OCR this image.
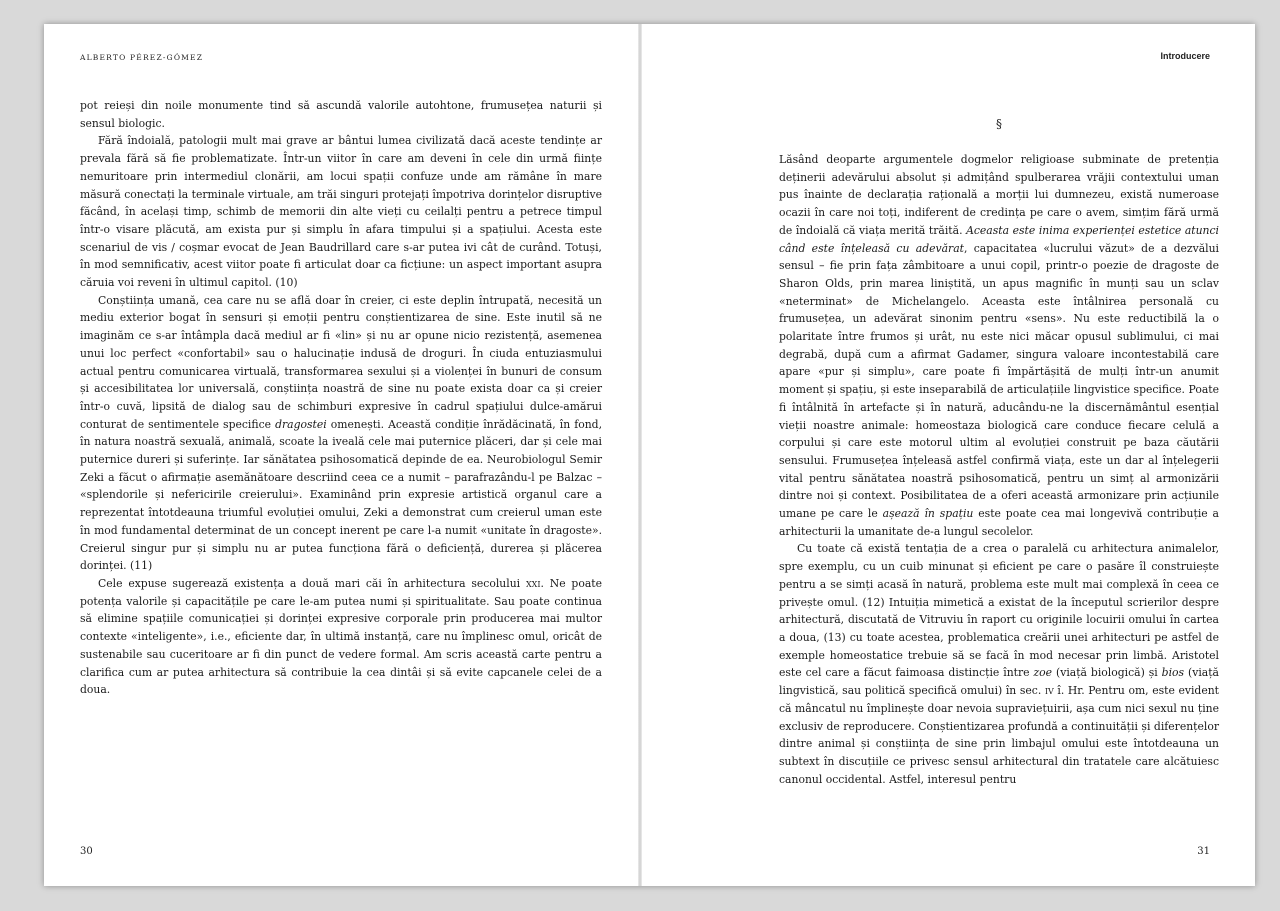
ALBERTO PÉREZ-GÓMEZ

pot reieși din noile monumente tind să ascundă valorile autohtone, frumusețea naturii și sensul biologic.

Fără îndoială, patologii mult mai grave ar bântui lumea civilizată dacă aceste tendințe ar prevala fără să fie problematizate. Într-un viitor în care am deveni în cele din urmă ființe nemuritoare prin intermediul clonării, am locui spații confuze unde am rămâne în mare măsură conectați la terminale virtuale, am trăi singuri protejați împotriva dorințelor disruptive făcând, în același timp, schimb de memorii din alte vieți cu ceilalți pentru a petrece timpul într-o visare plăcută, am exista pur și simplu în afara timpului și a spațiului. Acesta este scenariul de vis / coșmar evocat de Jean Baudrillard care s-ar putea ivi cât de curând. Totuși, în mod semnificativ, acest viitor poate fi articulat doar ca ficțiune: un aspect important asupra căruia voi reveni în ultimul capitol. (10)

Conștiința umană, cea care nu se află doar în creier, ci este deplin întrupată, necesită un mediu exterior bogat în sensuri și emoții pentru conștientizarea de sine. Este inutil să ne imaginăm ce s-ar întâmpla dacă mediul ar fi «lin» și nu ar opune nicio rezistență, asemenea unui loc perfect «confortabil» sau o halucinație indusă de droguri. În ciuda entuziasmului actual pentru comunicarea virtuală, transformarea sexului și a violenței în bunuri de consum și accesibilitatea lor universală, conștiința noastră de sine nu poate exista doar ca și creier într-o cuvă, lipsită de dialog sau de schimburi expresive în cadrul spațiului dulce-amărui conturat de sentimentele specifice dragostei omenești. Această condiție înrădăcinată, în fond, în natura noastră sexuală, animală, scoate la iveală cele mai puternice plăceri, dar și cele mai puternice dureri și suferințe. Iar sănătatea psihosomatică depinde de ea. Neurobiologul Semir Zeki a făcut o afirmație asemănătoare descriind ceea ce a numit – parafrazându-l pe Balzac – «splendorile și nefericirile creierului». Examinând prin expresie artistică organul care a reprezentat întotdeauna triumful evoluției omului, Zeki a demonstrat cum creierul uman este în mod fundamental determinat de un concept inerent pe care l-a numit «unitate în dragoste». Creierul singur pur și simplu nu ar putea funcționa fără o deficiență, durerea și plăcerea dorinței. (11)

Cele expuse sugerează existența a două mari căi în arhitectura secolului xxi. Ne poate potența valorile și capacitățile pe care le-am putea numi și spiritualitate. Sau poate continua să elimine spațiile comunicației și dorinței expresive corporale prin producerea mai multor contexte «inteligente», i.e., eficiente dar, în ultimă instanță, care nu împlinesc omul, oricât de sustenabile sau cuceritoare ar fi din punct de vedere formal. Am scris această carte pentru a clarifica cum ar putea arhitectura să contribuie la cea dintâi și să evite capcanele celei de a doua.

30
Introducere
§

Lăsând deoparte argumentele dogmelor religioase subminate de pretenția deținerii adevărului absolut și admițând spulberarea vrăjii contextului uman pus înainte de declarația rațională a morții lui dumnezeu, există numeroase ocazii în care noi toți, indiferent de credința pe care o avem, simțim fără urmă de îndoială că viața merită trăită. Aceasta este inima experienței estetice atunci când este înțeleasă cu adevărat, capacitatea «lucrului văzut» de a dezvălui sensul – fie prin fața zâmbitoare a unui copil, printr-o poezie de dragoste de Sharon Olds, prin marea liniștită, un apus magnific în munți sau un sclav «neterminat» de Michelangelo. Aceasta este întâlnirea personală cu frumusețea, un adevărat sinonim pentru «sens». Nu este reductibilă la o polaritate între frumos și urât, nu este nici măcar opusul sublimului, ci mai degrabă, după cum a afirmat Gadamer, singura valoare incontestabilă care apare «pur și simplu», care poate fi împărtășită de mulți într-un anumit moment și spațiu, și este inseparabilă de articulațiile lingvistice specifice. Poate fi întâlnită în artefacte și în natură, aducându-ne la discernământul esențial vieții noastre animale: homeostaza biologică care conduce fiecare celulă a corpului și care este motorul ultim al evoluției construit pe baza căutării sensului. Frumusețea înțeleasă astfel confirmă viața, este un dar al înțelegerii vital pentru sănătatea noastră psihosomatică, pentru un simț al armonizării dintre noi și context. Posibilitatea de a oferi această armonizare prin acțiunile umane pe care le așează în spațiu este poate cea mai longevivă contribuție a arhitecturii la umanitate de-a lungul secolelor.

Cu toate că există tentația de a crea o paralelă cu arhitectura animalelor, spre exemplu, cu un cuib minunat și eficient pe care o pasăre îl construiește pentru a se simți acasă în natură, problema este mult mai complexă în ceea ce privește omul. (12) Intuiția mimetică a existat de la începutul scrierilor despre arhitectură, discutată de Vitruviu în raport cu originile locuirii omului în cartea a doua, (13) cu toate acestea, problematica creării unei arhitecturi pe astfel de exemple homeostatice trebuie să se facă în mod necesar prin limbă. Aristotel este cel care a făcut faimoasa distincție între zoe (viață biologică) și bios (viață lingvistică, sau politică specifică omului) în sec. iv î. Hr. Pentru om, este evident că mâncatul nu împlinește doar nevoia supraviețuirii, așa cum nici sexul nu ține exclusiv de reproducere. Conștientizarea profundă a continuității și diferențelor dintre animal și conștiința de sine prin limbajul omului este întotdeauna un subtext în discuțiile ce privesc sensul arhitectural din tratatele care alcătuiesc canonul occidental. Astfel, interesul pentru

31
